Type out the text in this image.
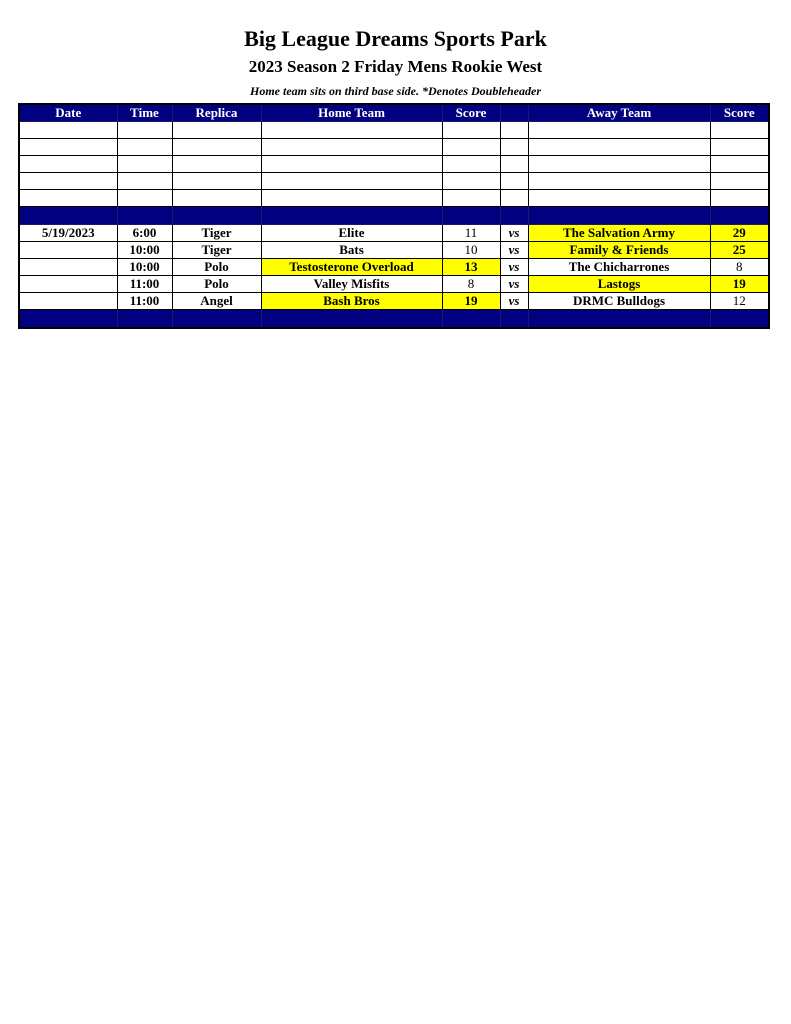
Big League Dreams Sports Park
2023 Season 2 Friday Mens Rookie West
Home team sits on third base side. *Denotes Doubleheader
Date	Time	Replica	Home Team	Score		Away Team	Score

5/19/2023	6:00	Tiger	Elite	11	vs	The Salvation Army	29
	10:00	Tiger	Bats	10	vs	Family & Friends	25
	10:00	Polo	Testosterone Overload	13	vs	The Chicharrones	8
	11:00	Polo	Valley Misfits	8	vs	Lastogs	19
	11:00	Angel	Bash Bros	19	vs	DRMC Bulldogs	12
